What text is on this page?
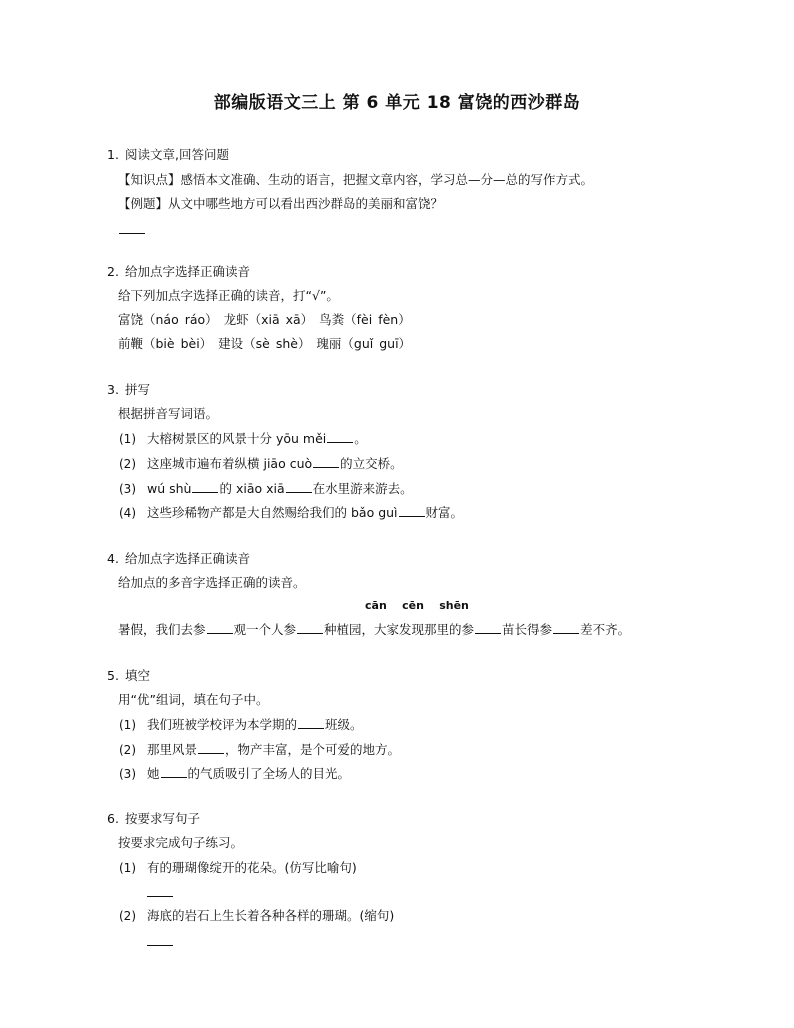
部编版语文三上 第 6 单元 18 富饶的西沙群岛
1. 阅读文章,回答问题
【知识点】感悟本文准确、生动的语言，把握文章内容，学习总—分—总的写作方式。
【例题】从文中哪些地方可以看出西沙群岛的美丽和富饶？
2. 给加点字选择正确读音
给下列加点字选择正确的读音，打“√”。
富饶（náo ráo） 龙虾（xiā xā） 鸟粪（fèi fèn）
前鞭（biè bèi） 建设（sè shè） 瑰丽（guǐ guī）
3. 拼写
根据拼音写词语。
(1) 大榕树景区的风景十分 yōu měi 。
(2) 这座城市遍布着纵横 jiāo cuò 的立交桥。
(3) wú shù 的 xiāo xiā 在水里游来游去。
(4) 这些珍稀物产都是大自然赐给我们的 bǎo guì 财富。
4. 给加点字选择正确读音
给加点的多音字选择正确的读音。
cān    cēn    shēn
暑假，我们去参 观一个人参 种植园，大家发现那里的参 苗长得参 差不齐。
5. 填空
用“优”组词，填在句子中。
(1) 我们班被学校评为本学期的 班级。
(2) 那里风景 ，物产丰富，是个可爱的地方。
(3) 她 的气质吸引了全场人的目光。
6. 按要求写句子
按要求完成句子练习。
(1) 有的珊瑚像绽开的花朵。(仿写比喻句)
(2) 海底的岩石上生长着各种各样的珊瑚。(缩句)
